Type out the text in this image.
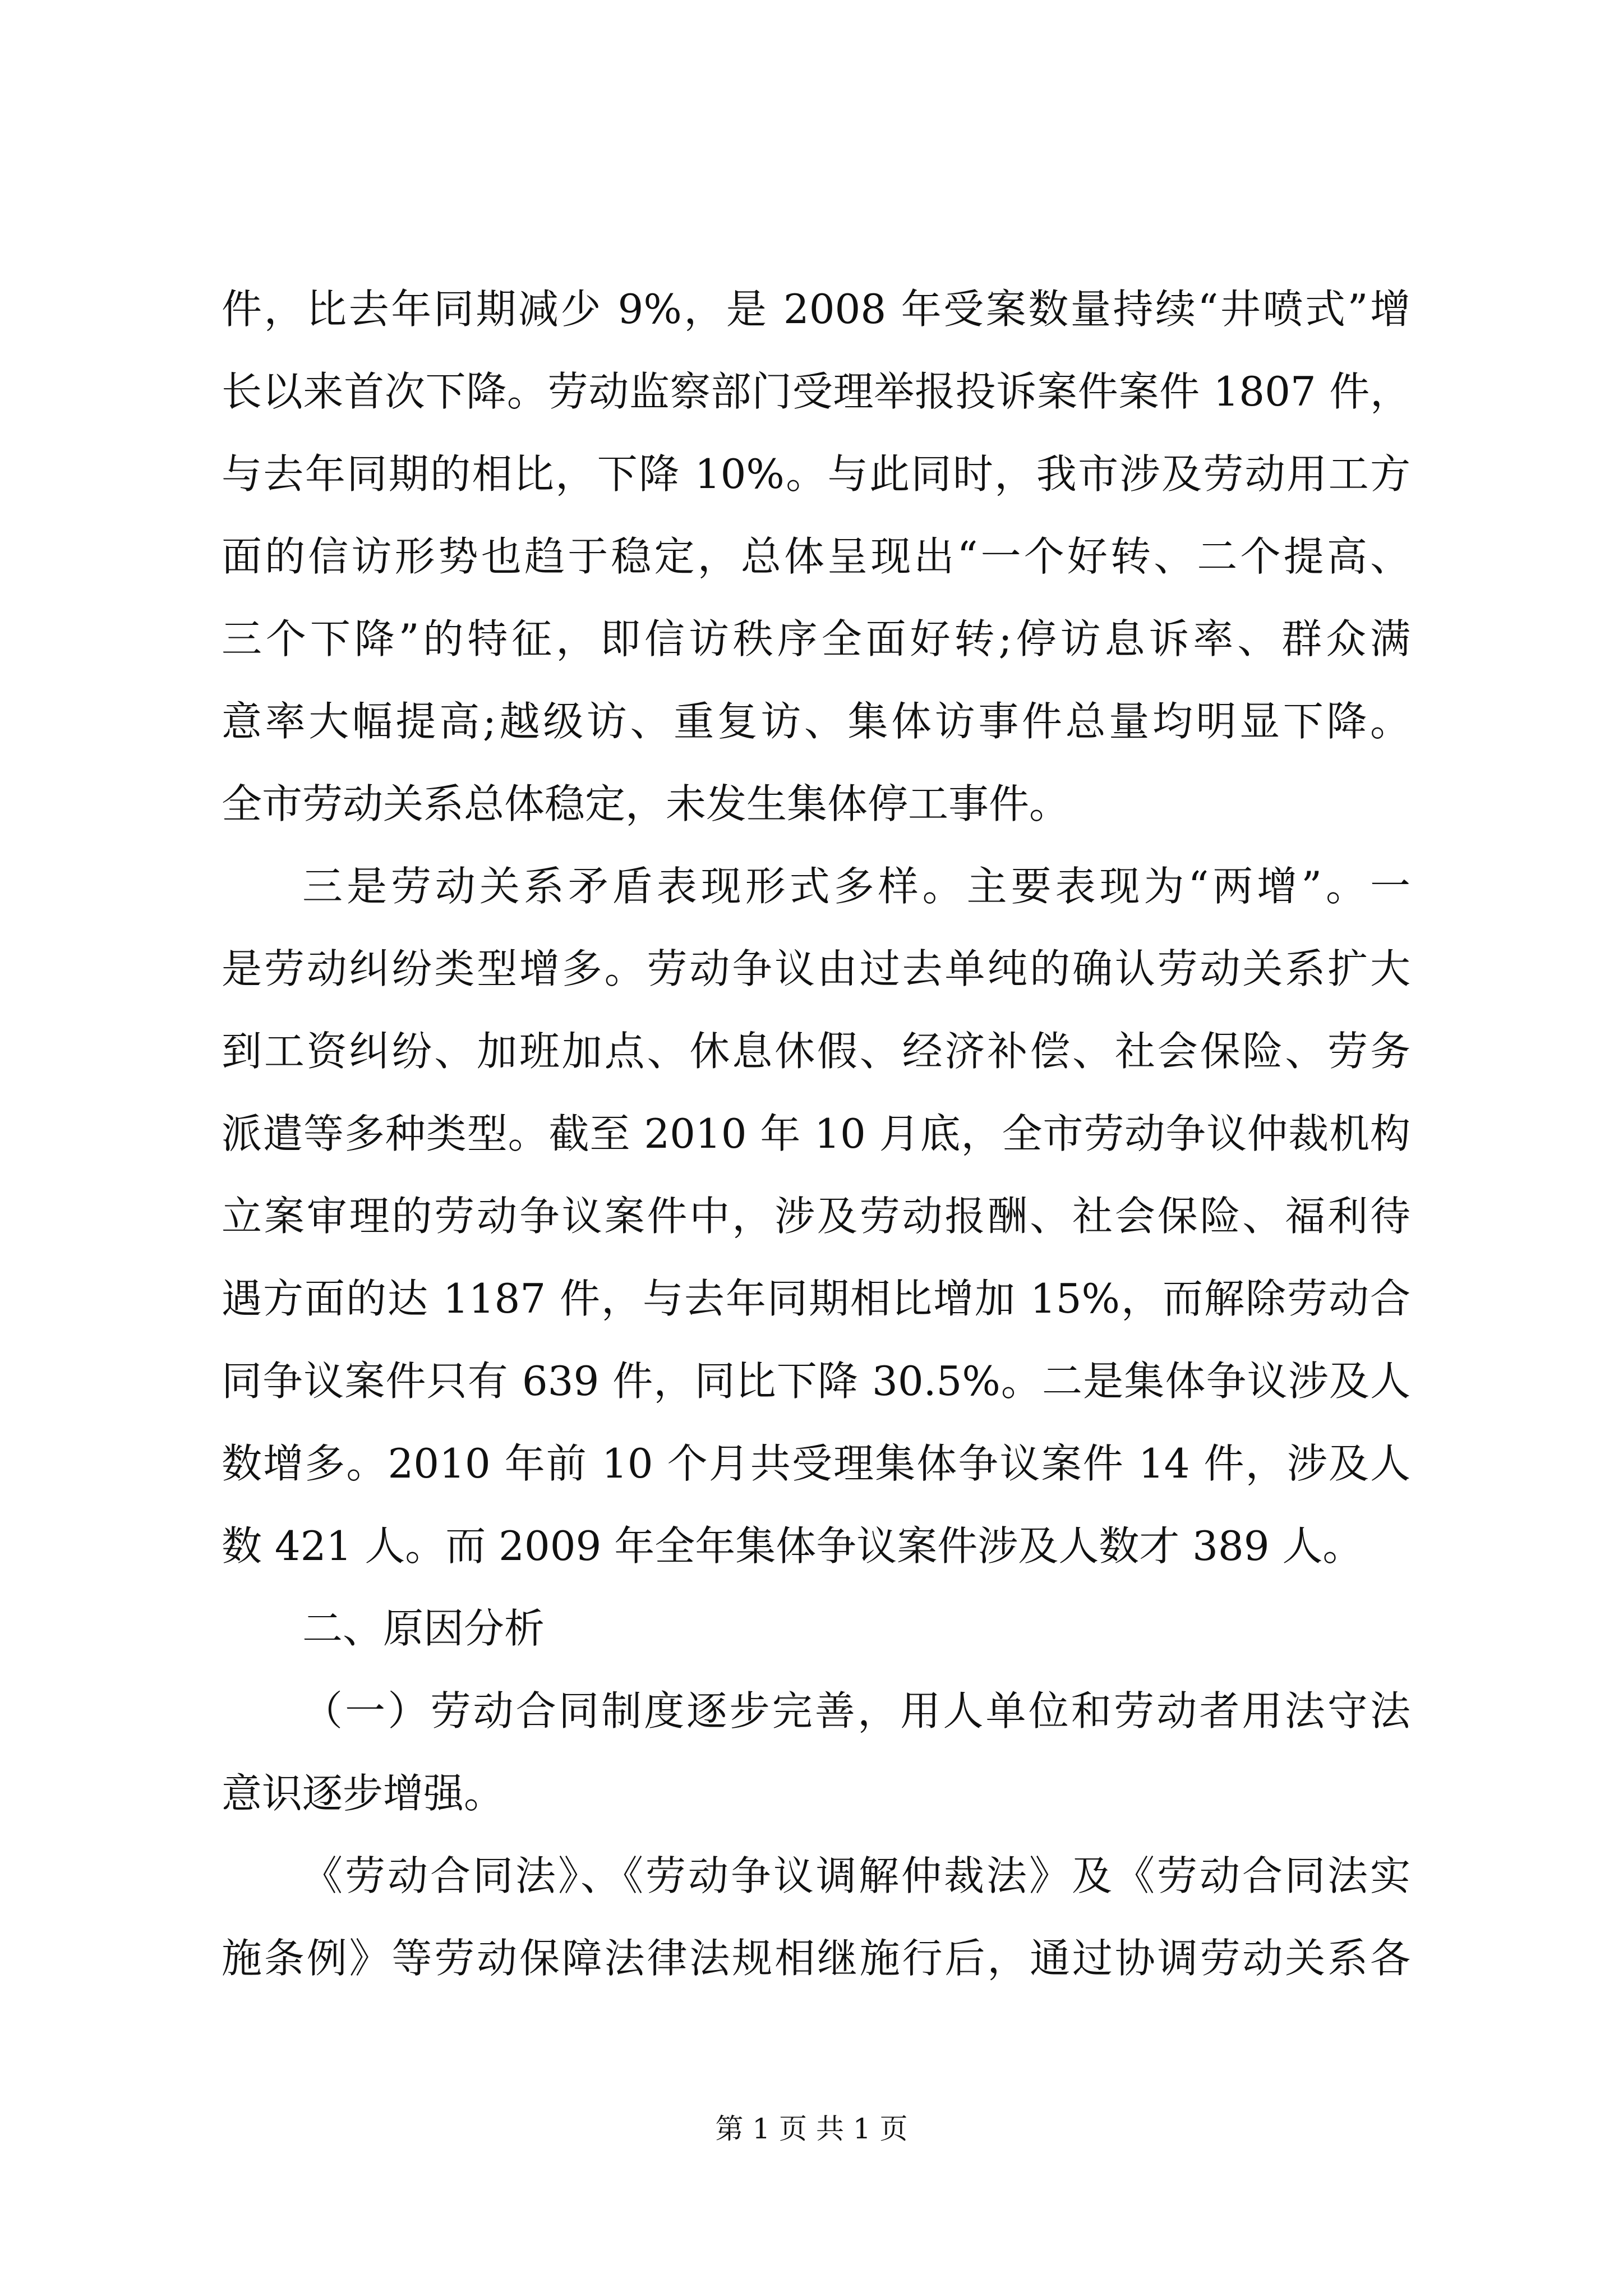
件，比去年同期减少 9%，是 2008 年受案数量持续“井喷式”增
长以来首次下降。劳动监察部门受理举报投诉案件案件 1807 件，
与去年同期的相比，下降 10%。与此同时，我市涉及劳动用工方
面的信访形势也趋于稳定，总体呈现出“一个好转、二个提高、
三个下降”的特征，即信访秩序全面好转;停访息诉率、群众满
意率大幅提高;越级访、重复访、集体访事件总量均明显下降。
全市劳动关系总体稳定，未发生集体停工事件。
三是劳动关系矛盾表现形式多样。主要表现为“两增”。一
是劳动纠纷类型增多。劳动争议由过去单纯的确认劳动关系扩大
到工资纠纷、加班加点、休息休假、经济补偿、社会保险、劳务
派遣等多种类型。截至 2010 年 10 月底，全市劳动争议仲裁机构
立案审理的劳动争议案件中，涉及劳动报酬、社会保险、福利待
遇方面的达 1187 件，与去年同期相比增加 15%，而解除劳动合
同争议案件只有 639 件，同比下降 30.5%。二是集体争议涉及人
数增多。2010 年前 10 个月共受理集体争议案件 14 件，涉及人
数 421 人。而 2009 年全年集体争议案件涉及人数才 389 人。
二、原因分析
（一）劳动合同制度逐步完善，用人单位和劳动者用法守法
意识逐步增强。
《劳动合同法》、《劳动争议调解仲裁法》及《劳动合同法实
施条例》等劳动保障法律法规相继施行后，通过协调劳动关系各
第 1 页 共 1 页
